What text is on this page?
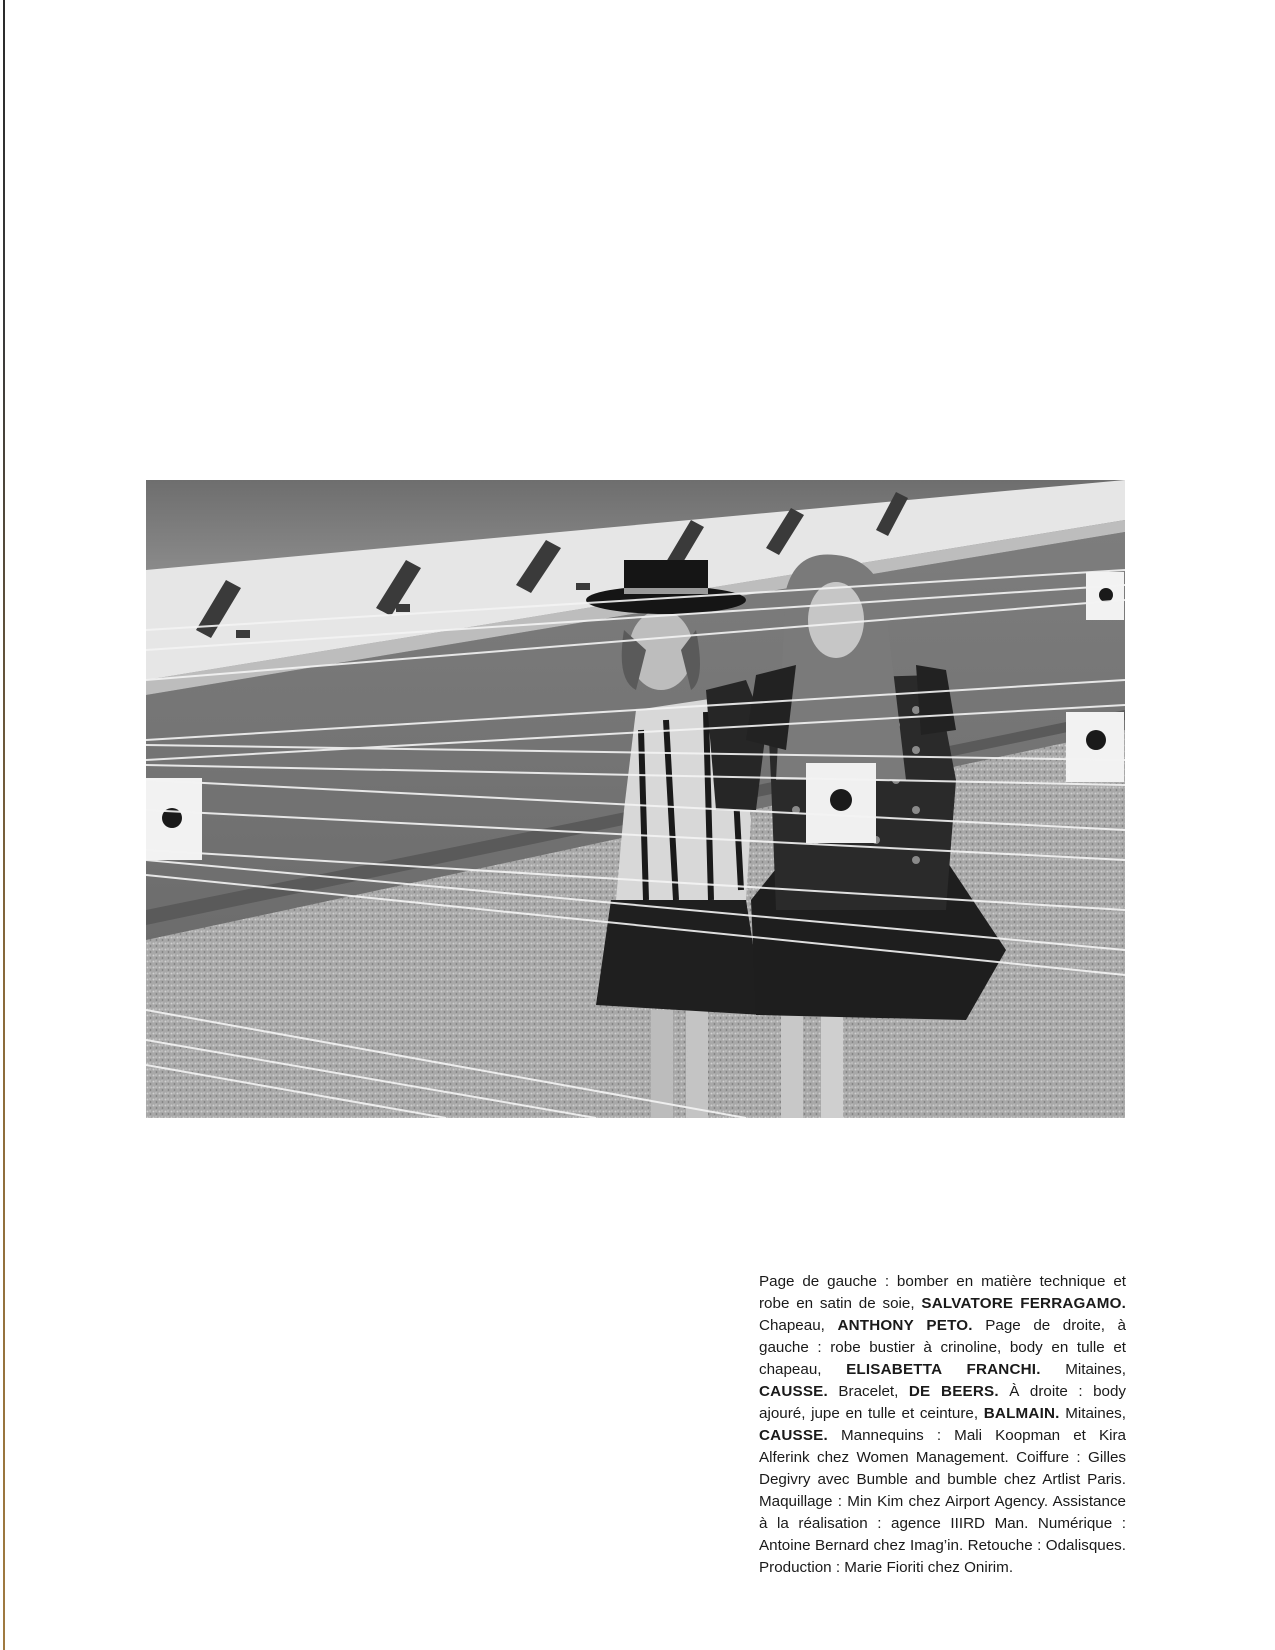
Page de gauche : bomber en matière technique et robe en satin de soie, SALVATORE FERRAGAMO. Chapeau, ANTHONY PETO. Page de droite, à gauche : robe bustier à crinoline, body en tulle et chapeau, ELISABETTA FRANCHI. Mitaines, CAUSSE. Bracelet, DE BEERS. À droite : body ajouré, jupe en tulle et ceinture, BALMAIN. Mitaines, CAUSSE. Mannequins : Mali Koopman et Kira Alferink chez Women Management. Coiffure : Gilles Degivry avec Bumble and bumble chez Artlist Paris. Maquillage : Min Kim chez Airport Agency. Assistance à la réalisation : agence IIIRD Man. Numérique : Antoine Bernard chez Imag’in. Retouche : Odalisques. Production : Marie Fioriti chez Onirim.
